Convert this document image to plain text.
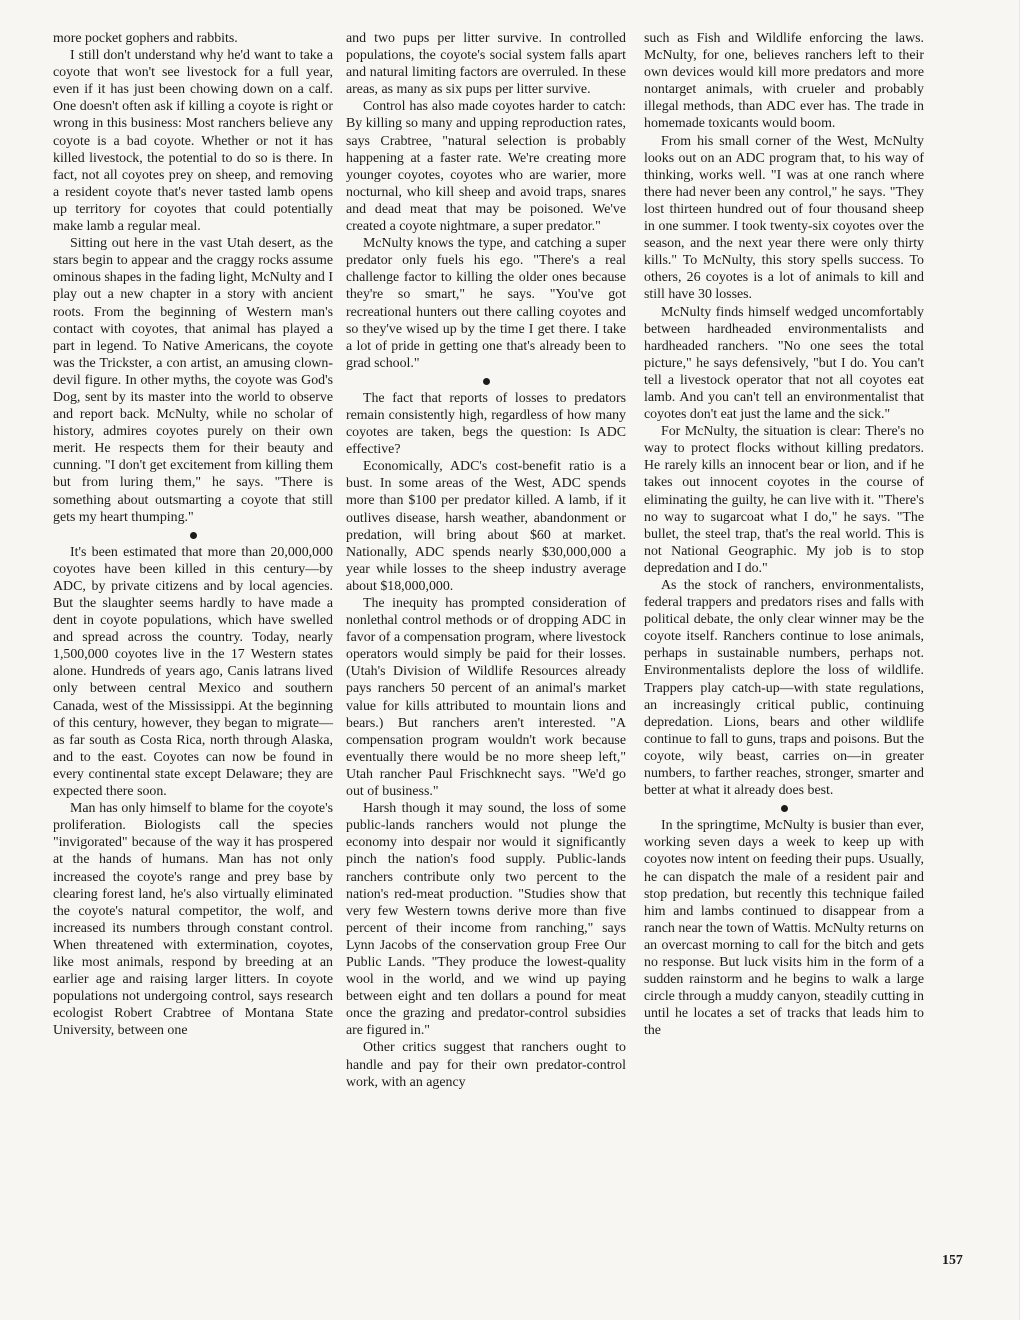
more pocket gophers and rabbits.

I still don't understand why he'd want to take a coyote that won't see livestock for a full year, even if it has just been chowing down on a calf. One doesn't often ask if killing a coyote is right or wrong in this business: Most ranchers believe any coyote is a bad coyote. Whether or not it has killed livestock, the potential to do so is there. In fact, not all coyotes prey on sheep, and removing a resident coyote that's never tasted lamb opens up territory for coyotes that could potentially make lamb a regular meal.

Sitting out here in the vast Utah desert, as the stars begin to appear and the craggy rocks assume ominous shapes in the fading light, McNulty and I play out a new chapter in a story with ancient roots. From the beginning of Western man's contact with coyotes, that animal has played a part in legend. To Native Americans, the coyote was the Trickster, a con artist, an amusing clown-devil figure. In other myths, the coyote was God's Dog, sent by its master into the world to observe and report back. McNulty, while no scholar of history, admires coyotes purely on their own merit. He respects them for their beauty and cunning. "I don't get excitement from killing them but from luring them," he says. "There is something about outsmarting a coyote that still gets my heart thumping."

It's been estimated that more than 20,000,000 coyotes have been killed in this century—by ADC, by private citizens and by local agencies. But the slaughter seems hardly to have made a dent in coyote populations, which have swelled and spread across the country. Today, nearly 1,500,000 coyotes live in the 17 Western states alone. Hundreds of years ago, Canis latrans lived only between central Mexico and southern Canada, west of the Mississippi. At the beginning of this century, however, they began to migrate—as far south as Costa Rica, north through Alaska, and to the east. Coyotes can now be found in every continental state except Delaware; they are expected there soon.

Man has only himself to blame for the coyote's proliferation. Biologists call the species "invigorated" because of the way it has prospered at the hands of humans. Man has not only increased the coyote's range and prey base by clearing forest land, he's also virtually eliminated the coyote's natural competitor, the wolf, and increased its numbers through constant control. When threatened with extermination, coyotes, like most animals, respond by breeding at an earlier age and raising larger litters. In coyote populations not undergoing control, says research ecologist Robert Crabtree of Montana State University, between one

and two pups per litter survive. In controlled populations, the coyote's social system falls apart and natural limiting factors are overruled. In these areas, as many as six pups per litter survive.

Control has also made coyotes harder to catch: By killing so many and upping reproduction rates, says Crabtree, "natural selection is probably happening at a faster rate. We're creating more younger coyotes, coyotes who are warier, more nocturnal, who kill sheep and avoid traps, snares and dead meat that may be poisoned. We've created a coyote nightmare, a super predator."

McNulty knows the type, and catching a super predator only fuels his ego. "There's a real challenge factor to killing the older ones because they're so smart," he says. "You've got recreational hunters out there calling coyotes and so they've wised up by the time I get there. I take a lot of pride in getting one that's already been to grad school."

The fact that reports of losses to predators remain consistently high, regardless of how many coyotes are taken, begs the question: Is ADC effective?

Economically, ADC's cost-benefit ratio is a bust. In some areas of the West, ADC spends more than $100 per predator killed. A lamb, if it outlives disease, harsh weather, abandonment or predation, will bring about $60 at market. Nationally, ADC spends nearly $30,000,000 a year while losses to the sheep industry average about $18,000,000.

The inequity has prompted consideration of nonlethal control methods or of dropping ADC in favor of a compensation program, where livestock operators would simply be paid for their losses. (Utah's Division of Wildlife Resources already pays ranchers 50 percent of an animal's market value for kills attributed to mountain lions and bears.) But ranchers aren't interested. "A compensation program wouldn't work because eventually there would be no more sheep left," Utah rancher Paul Frischknecht says. "We'd go out of business."

Harsh though it may sound, the loss of some public-lands ranchers would not plunge the economy into despair nor would it significantly pinch the nation's food supply. Public-lands ranchers contribute only two percent to the nation's red-meat production. "Studies show that very few Western towns derive more than five percent of their income from ranching," says Lynn Jacobs of the conservation group Free Our Public Lands. "They produce the lowest-quality wool in the world, and we wind up paying between eight and ten dollars a pound for meat once the grazing and predator-control subsidies are figured in."

Other critics suggest that ranchers ought to handle and pay for their own predator-control work, with an agency

such as Fish and Wildlife enforcing the laws. McNulty, for one, believes ranchers left to their own devices would kill more predators and more nontarget animals, with crueler and probably illegal methods, than ADC ever has. The trade in homemade toxicants would boom.

From his small corner of the West, McNulty looks out on an ADC program that, to his way of thinking, works well. "I was at one ranch where there had never been any control," he says. "They lost thirteen hundred out of four thousand sheep in one summer. I took twenty-six coyotes over the season, and the next year there were only thirty kills." To McNulty, this story spells success. To others, 26 coyotes is a lot of animals to kill and still have 30 losses.

McNulty finds himself wedged uncomfortably between hardheaded environmentalists and hardheaded ranchers. "No one sees the total picture," he says defensively, "but I do. You can't tell a livestock operator that not all coyotes eat lamb. And you can't tell an environmentalist that coyotes don't eat just the lame and the sick."

For McNulty, the situation is clear: There's no way to protect flocks without killing predators. He rarely kills an innocent bear or lion, and if he takes out innocent coyotes in the course of eliminating the guilty, he can live with it. "There's no way to sugarcoat what I do," he says. "The bullet, the steel trap, that's the real world. This is not National Geographic. My job is to stop depredation and I do."

As the stock of ranchers, environmentalists, federal trappers and predators rises and falls with political debate, the only clear winner may be the coyote itself. Ranchers continue to lose animals, perhaps in sustainable numbers, perhaps not. Environmentalists deplore the loss of wildlife. Trappers play catch-up—with state regulations, an increasingly critical public, continuing depredation. Lions, bears and other wildlife continue to fall to guns, traps and poisons. But the coyote, wily beast, carries on—in greater numbers, to farther reaches, stronger, smarter and better at what it already does best.

In the springtime, McNulty is busier than ever, working seven days a week to keep up with coyotes now intent on feeding their pups. Usually, he can dispatch the male of a resident pair and stop predation, but recently this technique failed him and lambs continued to disappear from a ranch near the town of Wattis. McNulty returns on an overcast morning to call for the bitch and gets no response. But luck visits him in the form of a sudden rainstorm and he begins to walk a large circle through a muddy canyon, steadily cutting in until he locates a set of tracks that leads him to the

157
